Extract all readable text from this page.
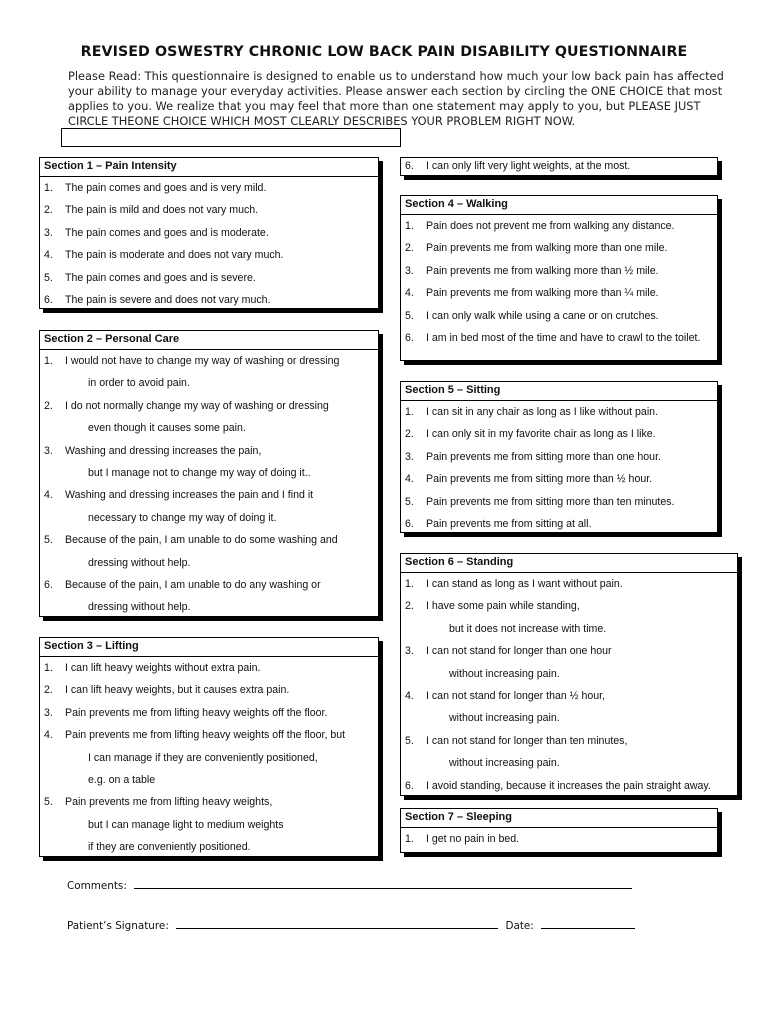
REVISED OSWESTRY CHRONIC LOW BACK PAIN DISABILITY QUESTIONNAIRE
Please Read: This questionnaire is designed to enable us to understand how much your low back pain has affected your ability to manage your everyday activities. Please answer each section by circling the ONE CHOICE that most applies to you. We realize that you may feel that more than one statement may apply to you, but PLEASE JUST CIRCLE THEONE CHOICE WHICH MOST CLEARLY DESCRIBES YOUR PROBLEM RIGHT NOW.
Section 1 – Pain Intensity
1. The pain comes and goes and is very mild.
2. The pain is mild and does not vary much.
3. The pain comes and goes and is moderate.
4. The pain is moderate and does not vary much.
5. The pain comes and goes and is severe.
6. The pain is severe and does not vary much.
Section 2 – Personal Care
1. I would not have to change my way of washing or dressing
in order to avoid pain.
2. I do not normally change my way of washing or dressing
even though it causes some pain.
3. Washing and dressing increases the pain,
but I manage not to change my way of doing it..
4. Washing and dressing increases the pain and I find it
necessary to change my way of doing it.
5. Because of the pain, I am unable to do some washing and
dressing without help.
6. Because of the pain, I am unable to do any washing or
dressing without help.
Section 3 – Lifting
1. I can lift heavy weights without extra pain.
2. I can lift heavy weights, but it causes extra pain.
3. Pain prevents me from lifting heavy weights off the floor.
4. Pain prevents me from lifting heavy weights off the floor, but
I can manage if they are conveniently positioned,
e.g. on a table
5. Pain prevents me from lifting heavy weights,
but I can manage light to medium weights
if they are conveniently positioned.
6. I can only lift very light weights, at the most.
Section 4 – Walking
1. Pain does not prevent me from walking any distance.
2. Pain prevents me from walking more than one mile.
3. Pain prevents me from walking more than ½ mile.
4. Pain prevents me from walking more than ¼ mile.
5. I can only walk while using a cane or on crutches.
6. I am in bed most of the time and have to crawl to the toilet.
Section 5 – Sitting
1. I can sit in any chair as long as I like without pain.
2. I can only sit in my favorite chair as long as I like.
3. Pain prevents me from sitting more than one hour.
4. Pain prevents me from sitting more than ½ hour.
5. Pain prevents me from sitting more than ten minutes.
6. Pain prevents me from sitting at all.
Section 6 – Standing
1. I can stand as long as I want without pain.
2. I have some pain while standing,
but it does not increase with time.
3. I can not stand for longer than one hour
without increasing pain.
4. I can not stand for longer than ½ hour,
without increasing pain.
5. I can not stand for longer than ten minutes,
without increasing pain.
6. I avoid standing, because it increases the pain straight away.
Section 7 – Sleeping
1. I get no pain in bed.
Comments:
Patient’s Signature:	Date:
